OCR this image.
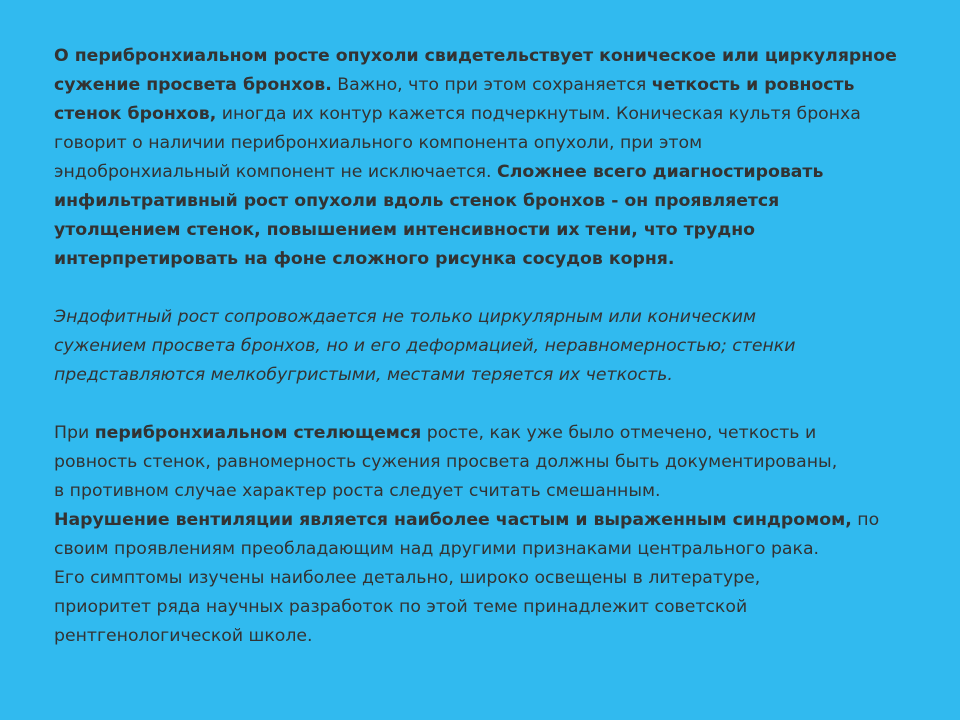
О перибронхиальном росте опухоли свидетельствует коническое или циркулярное
сужение просвета бронхов. Важно, что при этом сохраняется четкость и ровность
стенок бронхов, иногда их контур кажется подчеркнутым. Коническая культя бронха
говорит о наличии перибронхиального компонента опухоли, при этом
эндобронхиальный компонент не исключается. Сложнее всего диагностировать
инфильтративный рост опухоли вдоль стенок бронхов - он проявляется
утолщением стенок, повышением интенсивности их тени, что трудно
интерпретировать на фоне сложного рисунка сосудов корня.

Эндофитный рост сопровождается не только циркулярным или коническим
сужением просвета бронхов, но и его деформацией, неравномерностью; стенки
представляются мелкобугристыми, местами теряется их четкость.

При перибронхиальном стелющемся росте, как уже было отмечено, четкость и
ровность стенок, равномерность сужения просвета должны быть документированы,
в противном случае характер роста следует считать смешанным.

Нарушение вентиляции является наиболее частым и выраженным синдромом, по
своим проявлениям преобладающим над другими признаками центрального рака.
Его симптомы изучены наиболее детально, широко освещены в литературе,
приоритет ряда научных разработок по этой теме принадлежит советской
рентгенологической школе.
